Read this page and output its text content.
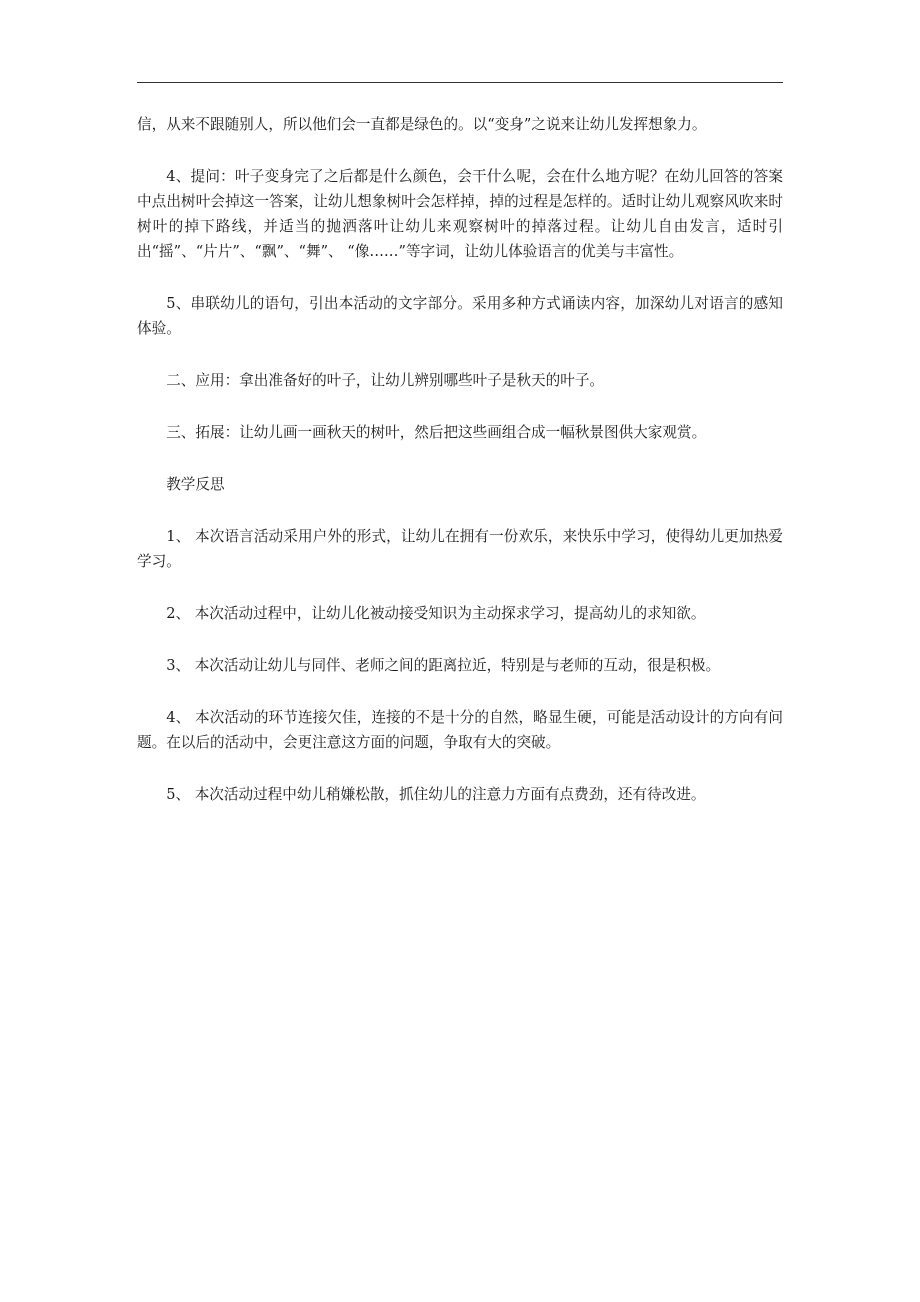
信，从来不跟随别人，所以他们会一直都是绿色的。以“变身”之说来让幼儿发挥想象力。

4、提问：叶子变身完了之后都是什么颜色，会干什么呢，会在什么地方呢？在幼儿回答的答案中点出树叶会掉这一答案，让幼儿想象树叶会怎样掉，掉的过程是怎样的。适时让幼儿观察风吹来时树叶的掉下路线，并适当的抛洒落叶让幼儿来观察树叶的掉落过程。让幼儿自由发言，适时引出“摇”、“片片”、“飘”、“舞”、 “像……”等字词，让幼儿体验语言的优美与丰富性。

5、串联幼儿的语句，引出本活动的文字部分。采用多种方式诵读内容，加深幼儿对语言的感知体验。

二、应用：拿出准备好的叶子，让幼儿辨别哪些叶子是秋天的叶子。

三、拓展：让幼儿画一画秋天的树叶，然后把这些画组合成一幅秋景图供大家观赏。

教学反思

1、 本次语言活动采用户外的形式，让幼儿在拥有一份欢乐，来快乐中学习，使得幼儿更加热爱学习。

2、 本次活动过程中，让幼儿化被动接受知识为主动探求学习，提高幼儿的求知欲。

3、 本次活动让幼儿与同伴、老师之间的距离拉近，特别是与老师的互动，很是积极。

4、 本次活动的环节连接欠佳，连接的不是十分的自然，略显生硬，可能是活动设计的方向有问题。在以后的活动中，会更注意这方面的问题，争取有大的突破。

5、 本次活动过程中幼儿稍嫌松散，抓住幼儿的注意力方面有点费劲，还有待改进。
